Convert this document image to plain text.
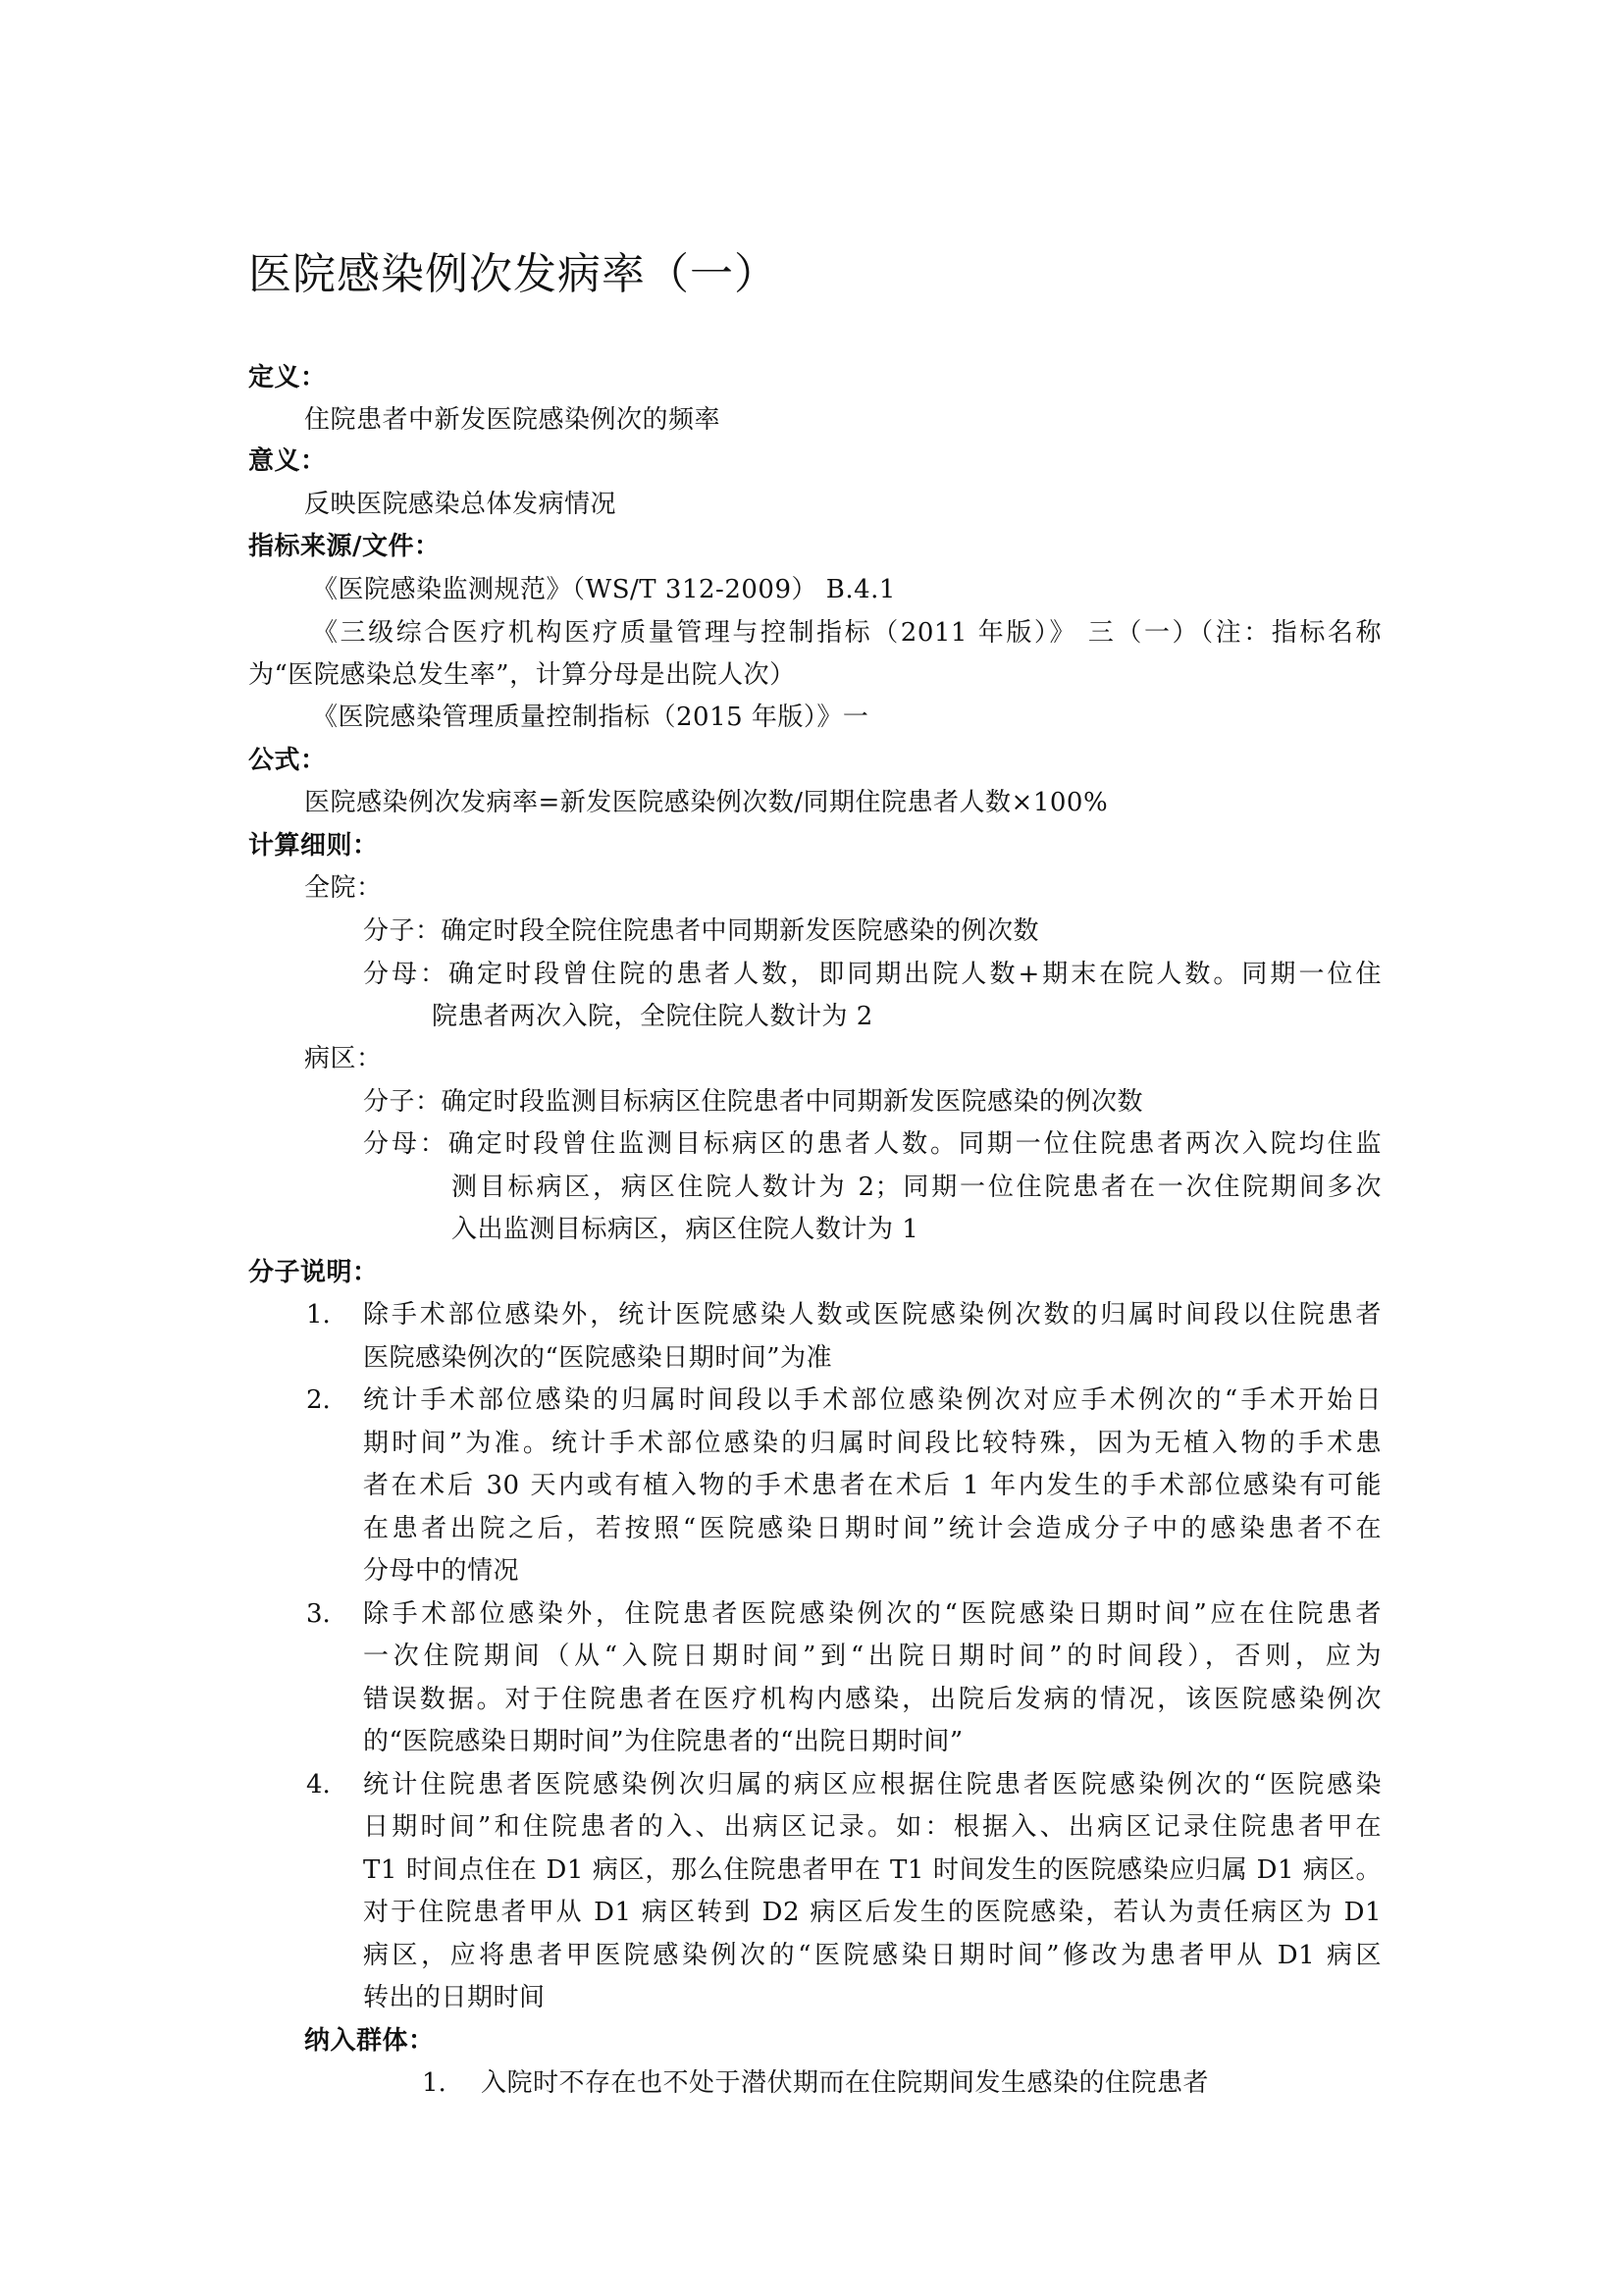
医院感染例次发病率（一）
定义：
住院患者中新发医院感染例次的频率
意义：
反映医院感染总体发病情况
指标来源/文件：
《医院感染监测规范》（WS/T 312-2009） B.4.1
《三级综合医疗机构医疗质量管理与控制指标（2011 年版）》 三（一）（注：指标名称
为“医院感染总发生率”，计算分母是出院人次）
《医院感染管理质量控制指标（2015 年版）》一
公式：
医院感染例次发病率=新发医院感染例次数/同期住院患者人数×100%
计算细则：
全院：
分子：确定时段全院住院患者中同期新发医院感染的例次数
分母：确定时段曾住院的患者人数，即同期出院人数+期末在院人数。同期一位住
院患者两次入院，全院住院人数计为 2
病区：
分子：确定时段监测目标病区住院患者中同期新发医院感染的例次数
分母：确定时段曾住监测目标病区的患者人数。同期一位住院患者两次入院均住监
测目标病区，病区住院人数计为 2；同期一位住院患者在一次住院期间多次
入出监测目标病区，病区住院人数计为 1
分子说明：
1. 除手术部位感染外，统计医院感染人数或医院感染例次数的归属时间段以住院患者
医院感染例次的“医院感染日期时间”为准
2. 统计手术部位感染的归属时间段以手术部位感染例次对应手术例次的“手术开始日
期时间”为准。统计手术部位感染的归属时间段比较特殊，因为无植入物的手术患
者在术后 30 天内或有植入物的手术患者在术后 1 年内发生的手术部位感染有可能
在患者出院之后，若按照“医院感染日期时间”统计会造成分子中的感染患者不在
分母中的情况
3. 除手术部位感染外，住院患者医院感染例次的“医院感染日期时间”应在住院患者
一次住院期间（从“入院日期时间”到“出院日期时间”的时间段），否则，应为
错误数据。对于住院患者在医疗机构内感染，出院后发病的情况，该医院感染例次
的“医院感染日期时间”为住院患者的“出院日期时间”
4. 统计住院患者医院感染例次归属的病区应根据住院患者医院感染例次的“医院感染
日期时间”和住院患者的入、出病区记录。如：根据入、出病区记录住院患者甲在
T1 时间点住在 D1 病区，那么住院患者甲在 T1 时间发生的医院感染应归属 D1 病区。
对于住院患者甲从 D1 病区转到 D2 病区后发生的医院感染，若认为责任病区为 D1
病区，应将患者甲医院感染例次的“医院感染日期时间”修改为患者甲从 D1 病区
转出的日期时间
纳入群体：
1. 入院时不存在也不处于潜伏期而在住院期间发生感染的住院患者
